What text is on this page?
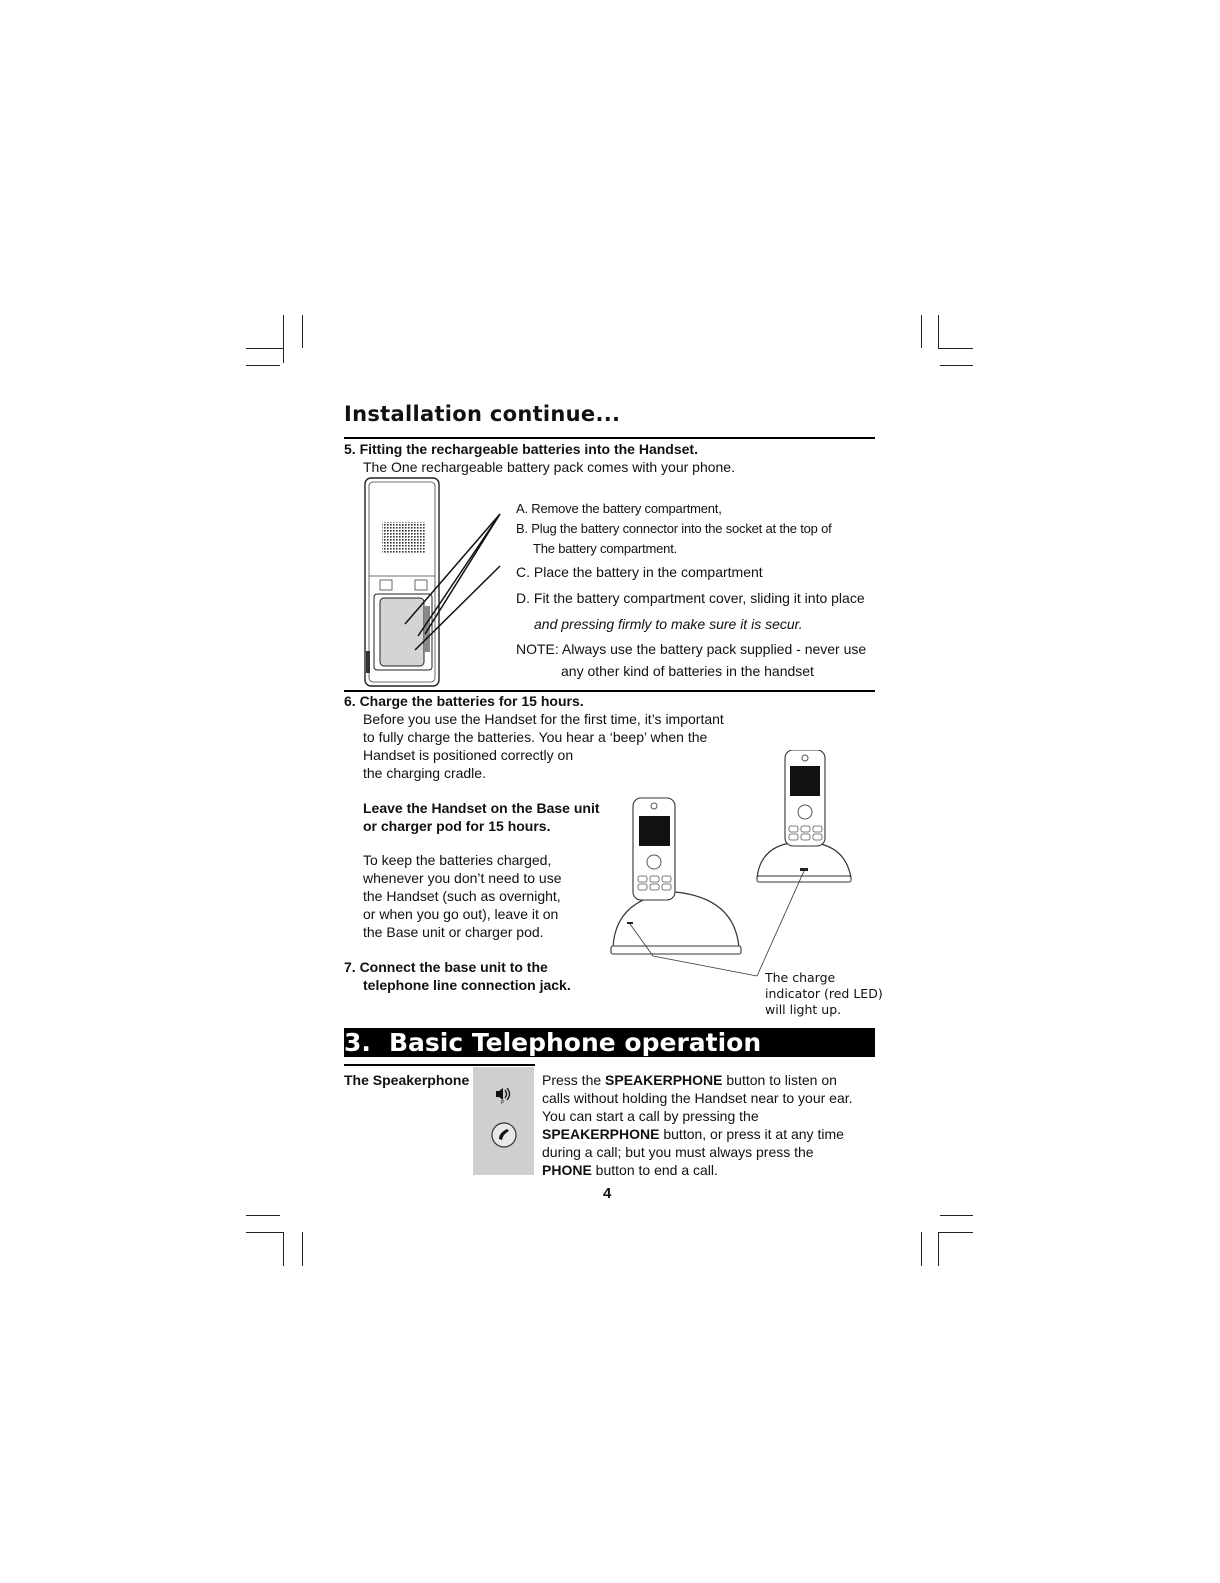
Installation continue...
5. Fitting the rechargeable batteries into the Handset.
The One rechargeable battery pack comes with your phone.
A. Remove the battery compartment,
B. Plug the battery connector into the socket at the top of
The battery compartment.
C. Place the battery in the compartment
D. Fit the battery compartment cover, sliding it into place
and pressing firmly to make sure it is secur.
NOTE: Always use the battery pack supplied - never use
any other kind of batteries in the handset
6. Charge the batteries for 15 hours.
Before you use the Handset for the first time, it’s important
to fully charge the batteries. You hear a ‘beep’ when the
Handset is positioned correctly on
the charging cradle.
Leave the Handset on the Base unit
or charger pod for 15 hours.
To keep the batteries charged,
whenever you don’t need to use
the Handset (such as overnight,
or when you go out), leave it on
the Base unit or charger pod.
7. Connect the base unit to the
telephone line connection jack.	The charge
indicator (red LED)
will light up.
3. Basic Telephone operation
The Speakerphone
P
Press the SPEAKERPHONE button to listen on
calls without holding the Handset near to your ear.
You can start a call by pressing the
SPEAKERPHONE button, or press it at any time
during a call; but you must always press the
PHONE button to end a call.
4
